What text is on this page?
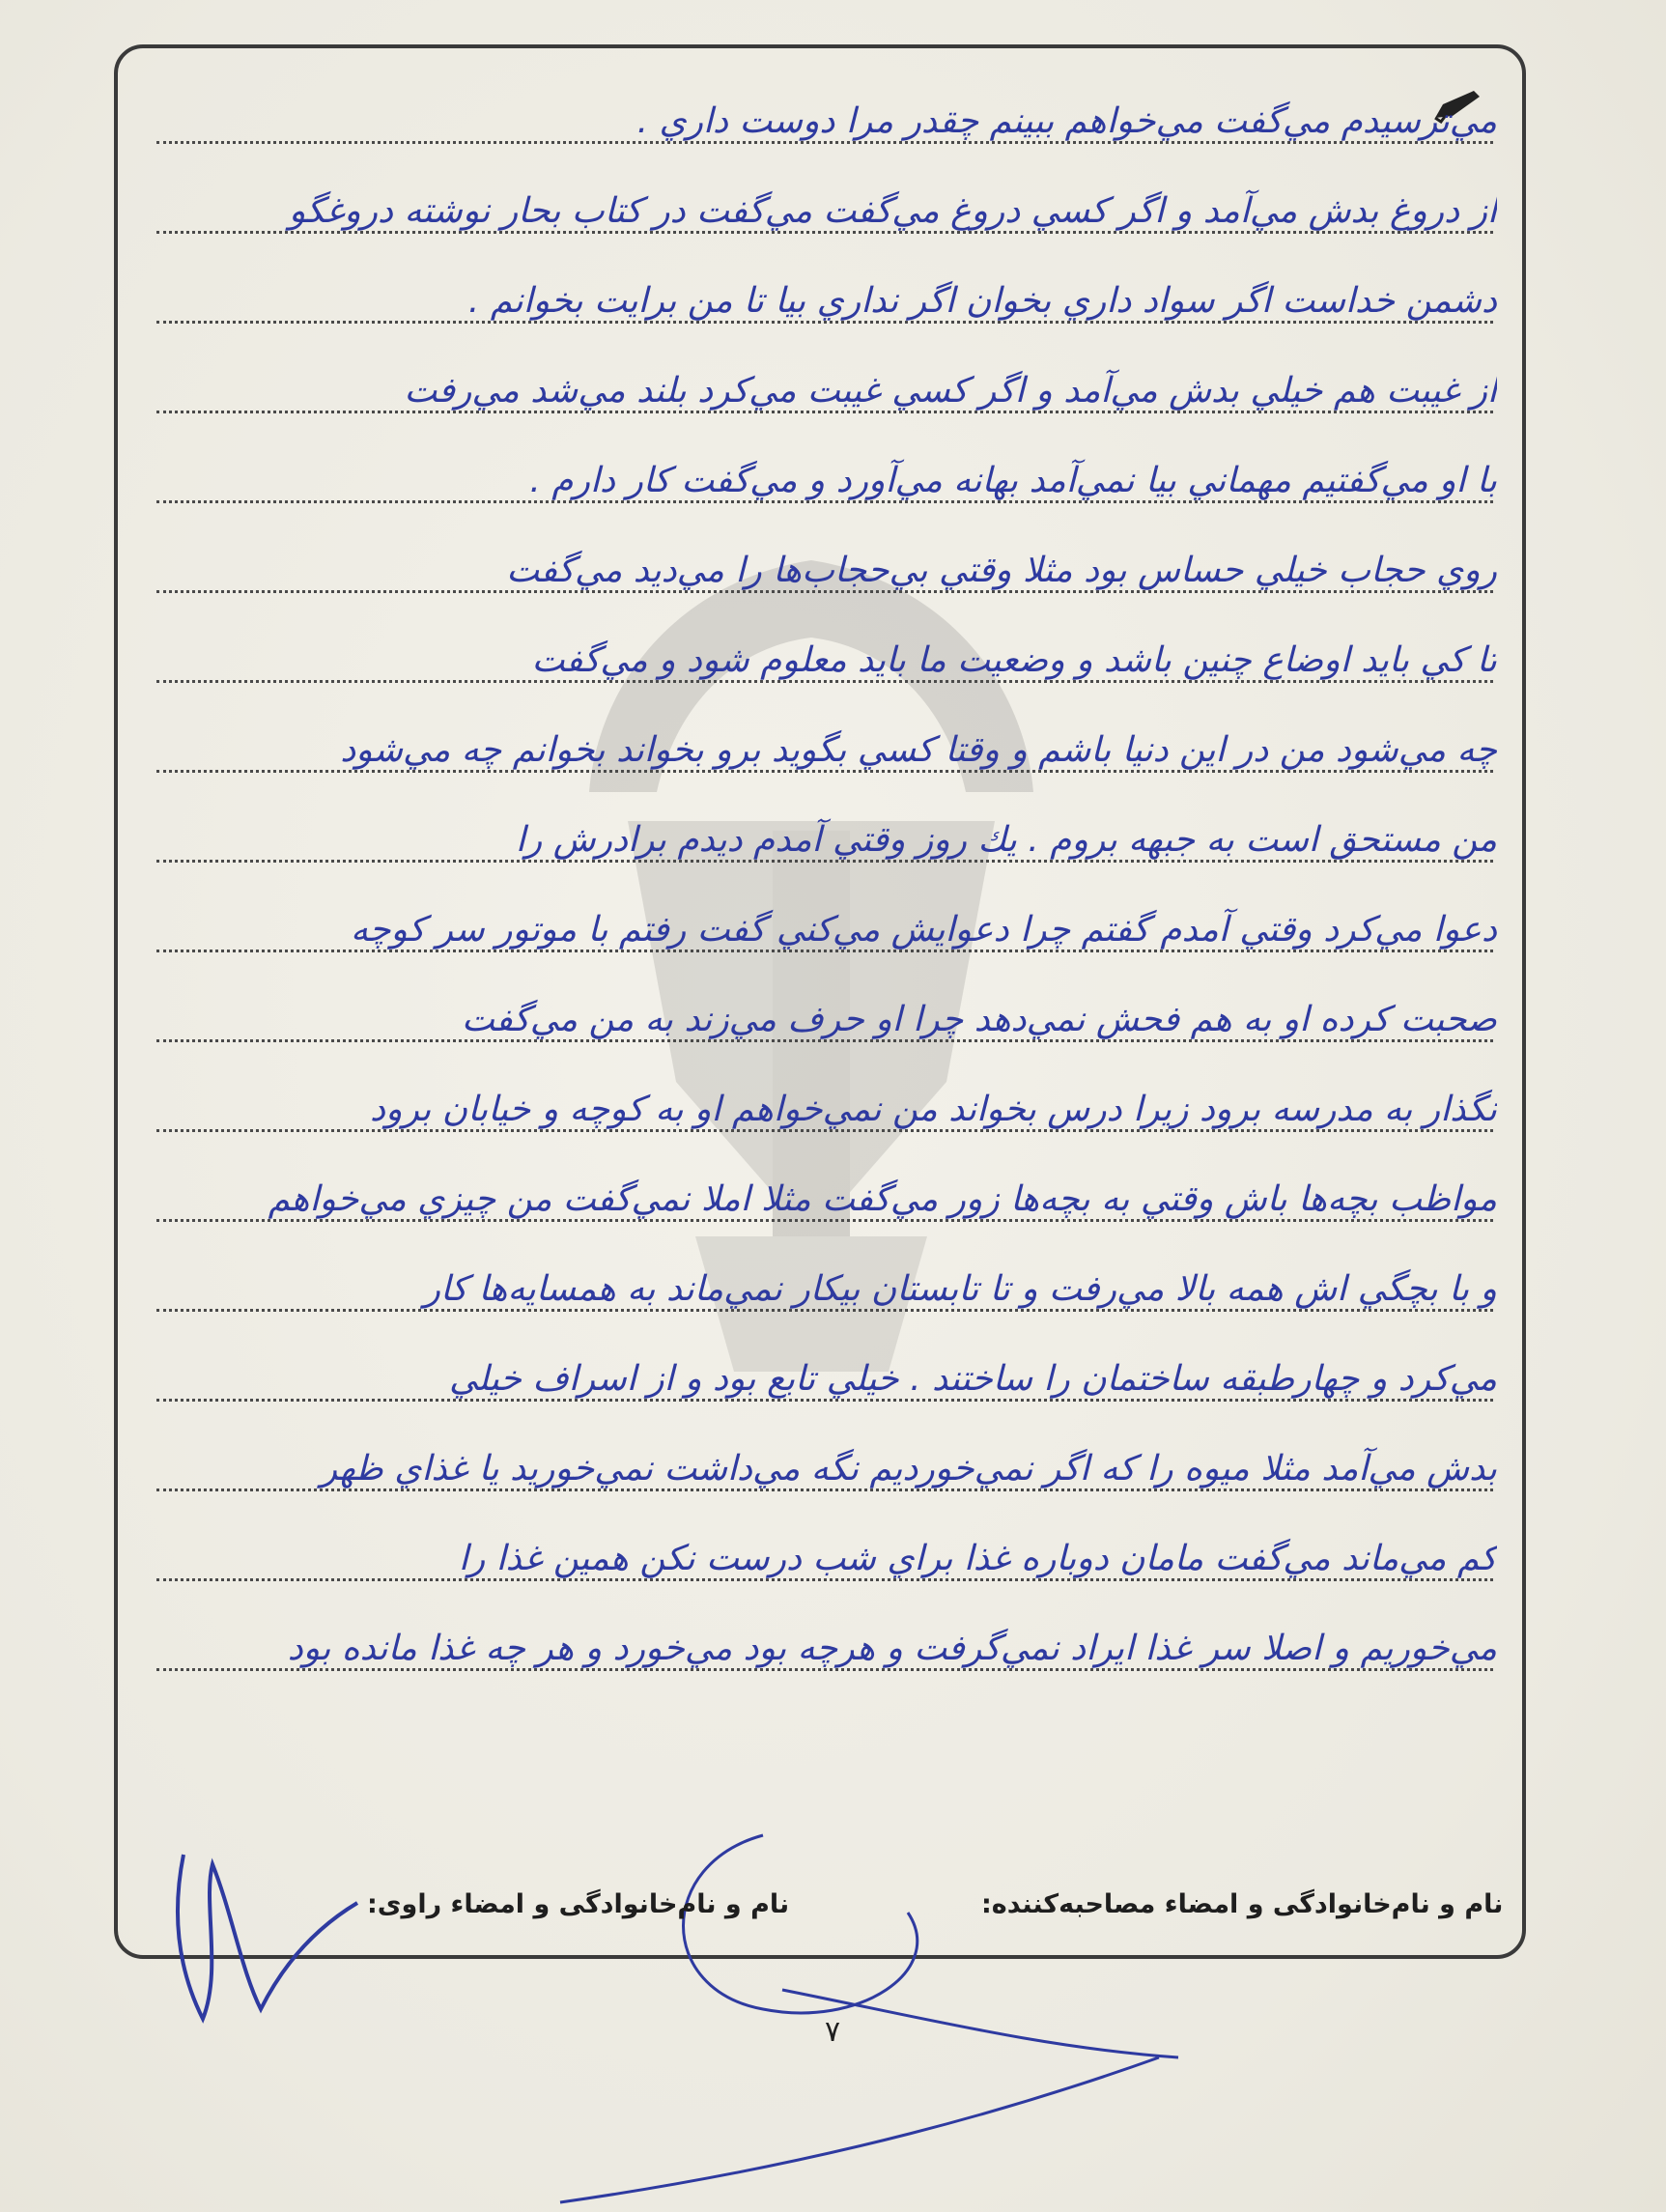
مي‌ترسيدم مي‌گفت مي‌خواهم ببينم چقدر مرا دوست داري .
از دروغ بدش مي‌آمد و اگر كسي دروغ مي‌گفت مي‌گفت در كتاب بحار نوشته دروغگو
دشمن خداست اگر سواد داري بخوان اگر نداري بيا تا من برايت بخوانم .
از غيبت هم خيلي بدش مي‌آمد و اگر كسي غيبت مي‌كرد بلند مي‌شد مي‌رفت
با او مي‌گفتيم مهماني بيا نمي‌آمد بهانه مي‌آورد و مي‌گفت كار دارم .
روي حجاب خيلي حساس بود مثلا وقتي بي‌حجاب‌ها را مي‌ديد مي‌گفت
تا كي بايد اوضاع چنين باشد و وضعيت ما بايد معلوم شود و مي‌گفت
چه مي‌شود من در اين دنيا باشم و وقتا كسي بگويد برو بخواند بخوانم چه مي‌شود
من مستحق است به جبهه بروم . يك روز وقتي آمدم ديدم برادرش را
دعوا مي‌كرد وقتي آمدم گفتم چرا دعوايش مي‌كني گفت رفتم با موتور سر كوچه
صحبت كرده او به هم فحش نمي‌دهد چرا او حرف مي‌زند به من مي‌گفت
نگذار به مدرسه برود زيرا درس بخواند من نمي‌خواهم او به كوچه و خيابان برود
مواظب بچه‌ها باش وقتي به بچه‌ها زور مي‌گفت مثلا املا نمي‌گفت من چيزي مي‌خواهم
و با بچگي اش همه بالا مي‌رفت و تا تابستان بيكار نمي‌ماند به همسايه‌ها كار
مي‌كرد و چهارطبقه ساختمان را ساختند . خيلي تابع بود و از اسراف خيلي
بدش مي‌آمد مثلا ميوه را كه اگر نمي‌خورديم نگه مي‌داشت نمي‌خوريد يا غذاي ظهر
كم مي‌ماند مي‌گفت مامان دوباره غذا براي شب درست نكن همين غذا را
مي‌خوريم و اصلا سر غذا ايراد نمي‌گرفت و هرچه بود مي‌خورد و هر چه غذا مانده بود
نام و نام‌خانوادگی و امضاء مصاحبه‌کننده:
نام و نام‌خانوادگی و امضاء راوی:
۷
